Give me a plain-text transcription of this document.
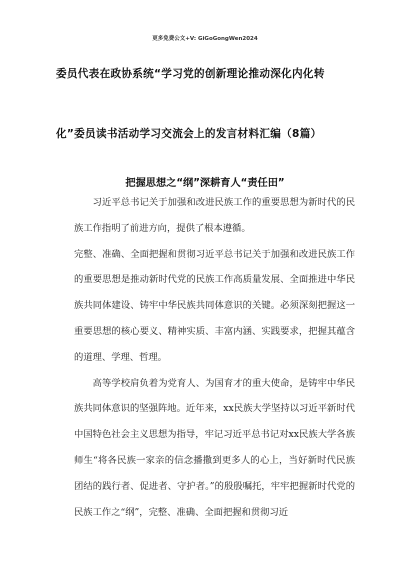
更多免费公文+V: GiGoGongWen2024
委员代表在政协系统“学习党的创新理论推动深化内化转
化”委员读书活动学习交流会上的发言材料汇编（8篇）
把握思想之“纲”深耕育人“责任田”

习近平总书记关于加强和改进民族工作的重要思想为新时代的民族工作指明了前进方向，提供了根本遵循。

完整、准确、全面把握和贯彻习近平总书记关于加强和改进民族工作的重要思想是推动新时代党的民族工作高质量发展、全面推进中华民族共同体建设、铸牢中华民族共同体意识的关键。必须深刻把握这一重要思想的核心要义、精神实质、丰富内涵、实践要求，把握其蕴含的道理、学理、哲理。

高等学校肩负着为党育人、为国育才的重大使命，是铸牢中华民族共同体意识的坚强阵地。近年来，xx民族大学坚持以习近平新时代中国特色社会主义思想为指导，牢记习近平总书记对xx民族大学各族师生“将各民族一家亲的信念播撒到更多人的心上，当好新时代民族团结的践行者、促进者、守护者。”的殷殷嘱托，牢牢把握新时代党的民族工作之“纲”，完整、准确、全面把握和贯彻习近
